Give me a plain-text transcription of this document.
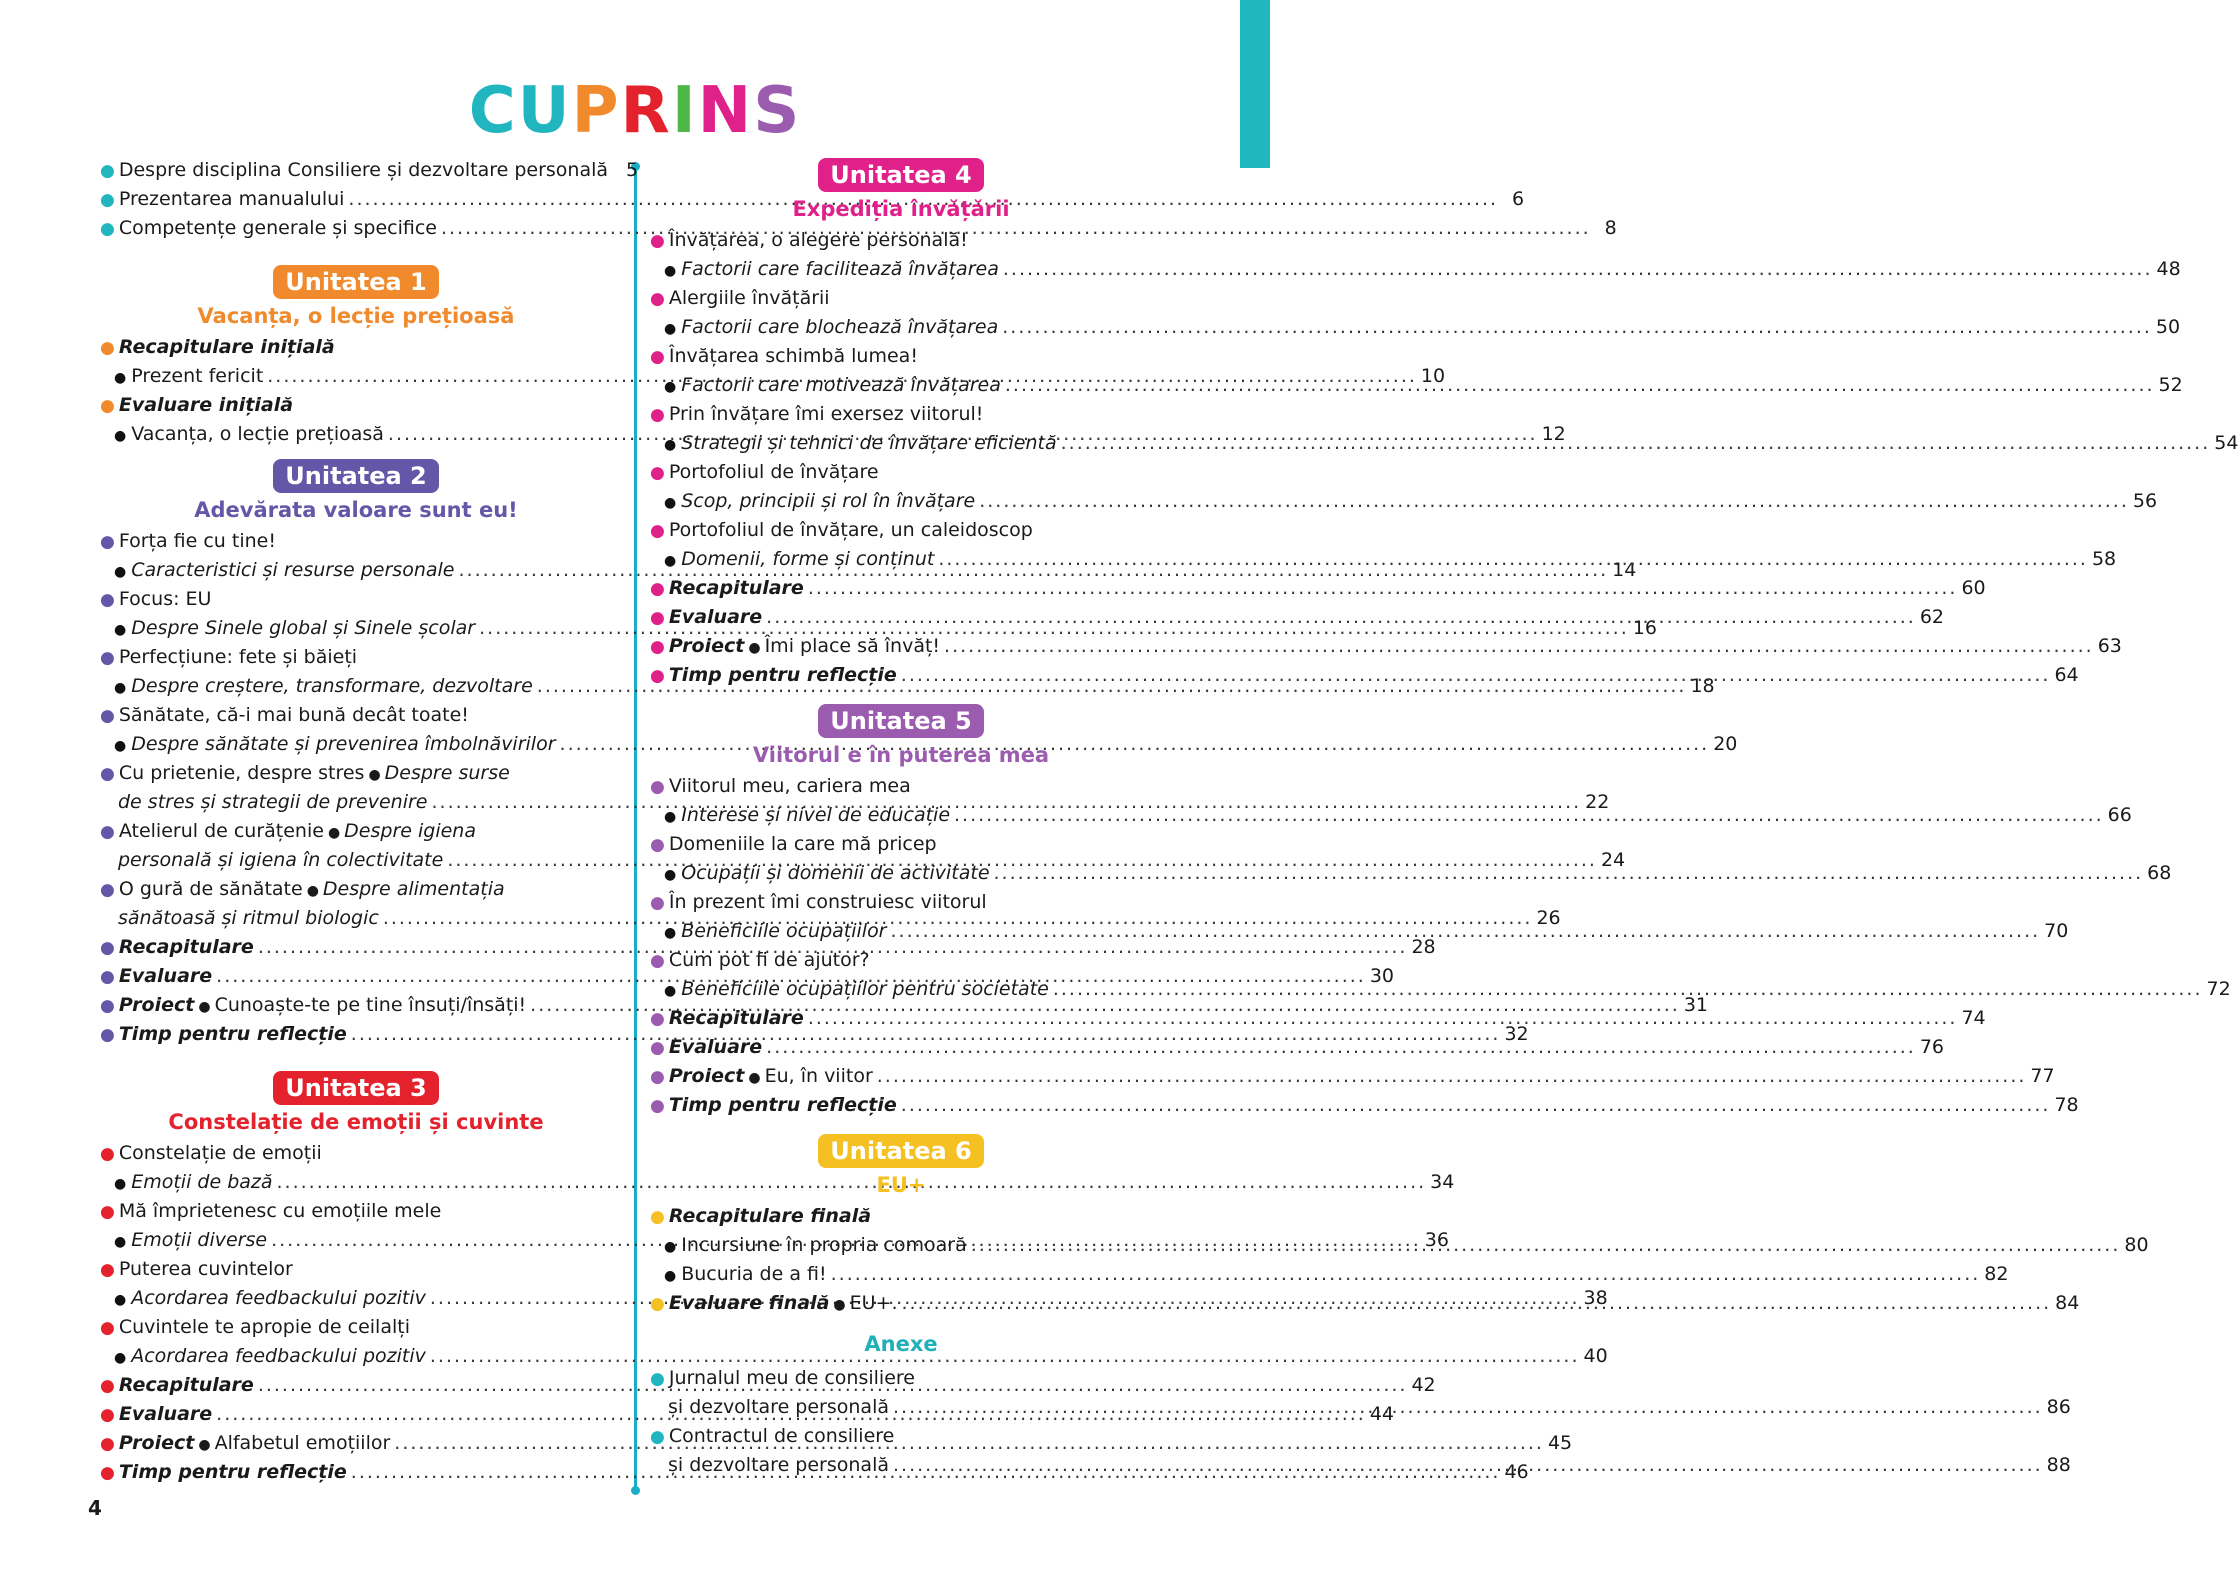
CUPRINS
● Despre disciplina Consiliere și dezvoltare personală 5
● Prezentarea manualului .....	6
● Competențe generale și specifice .....	8
Unitatea 1
Vacanța, o lecție prețioasă
● Recapitulare inițială
● Prezent fericit .....	10
● Evaluare inițială
● Vacanța, o lecție prețioasă .....	12
Unitatea 2
Adevărata valoare sunt eu!
● Forța fie cu tine!
● Caracteristici și resurse personale .....	14
● Focus: EU
● Despre Sinele global și Sinele școlar .....	16
● Perfecțiune: fete și băieți
● Despre creștere, transformare, dezvoltare .....	18
● Sănătate, că-i mai bună decât toate!
● Despre sănătate și prevenirea îmbolnăvirilor .....	20
● Cu prietenie, despre stres ● Despre surse
de stres și strategii de prevenire .....	22
● Atelierul de curățenie ● Despre igiena
personală și igiena în colectivitate .....	24
● O gură de sănătate ● Despre alimentația
sănătoasă și ritmul biologic .....	26
● Recapitulare .....	28
● Evaluare .....	30
● Proiect ● Cunoaște-te pe tine însuți/însăți! .....	31
● Timp pentru reflecție .....	32
Unitatea 3
Constelație de emoții și cuvinte
● Constelație de emoții
● Emoții de bază .....	34
● Mă împrietenesc cu emoțiile mele
● Emoții diverse .....	36
● Puterea cuvintelor
● Acordarea feedbackului pozitiv .....	38
● Cuvintele te apropie de ceilalți
● Acordarea feedbackului pozitiv .....	40
● Recapitulare .....	42
● Evaluare .....	44
● Proiect ● Alfabetul emoțiilor .....	45
● Timp pentru reflecție .....	46
Unitatea 4
Expediția învățării
● Învățarea, o alegere personală!
● Factorii care facilitează învățarea .....	48
● Alergiile învățării
● Factorii care blochează învățarea .....	50
● Învățarea schimbă lumea!
● Factorii care motivează învățarea .....	52
● Prin învățare îmi exersez viitorul!
● Strategii și tehnici de învățare eficientă .....	54
● Portofoliul de învățare
● Scop, principii și rol în învățare .....	56
● Portofoliul de învățare, un caleidoscop
● Domenii, forme și conținut .....	58
● Recapitulare .....	60
● Evaluare .....	62
● Proiect ● Îmi place să învăț! .....	63
● Timp pentru reflecție .....	64
Unitatea 5
Viitorul e în puterea mea
● Viitorul meu, cariera mea
● Interese și nivel de educație .....	66
● Domeniile la care mă pricep
● Ocupații și domenii de activitate .....	68
● În prezent îmi construiesc viitorul
● Beneficiile ocupațiilor .....	70
● Cum pot fi de ajutor?
● Beneficiile ocupațiilor pentru societate .....	72
● Recapitulare .....	74
● Evaluare .....	76
● Proiect ● Eu, în viitor .....	77
● Timp pentru reflecție .....	78
Unitatea 6
EU+
● Recapitulare finală
● Incursiune în propria comoară .....	80
● Bucuria de a fi! .....	82
● Evaluare finală ● EU+. .....	84
Anexe
● Jurnalul meu de consiliere
și dezvoltare personală .....	86
● Contractul de consiliere
și dezvoltare personală .....	88
4
